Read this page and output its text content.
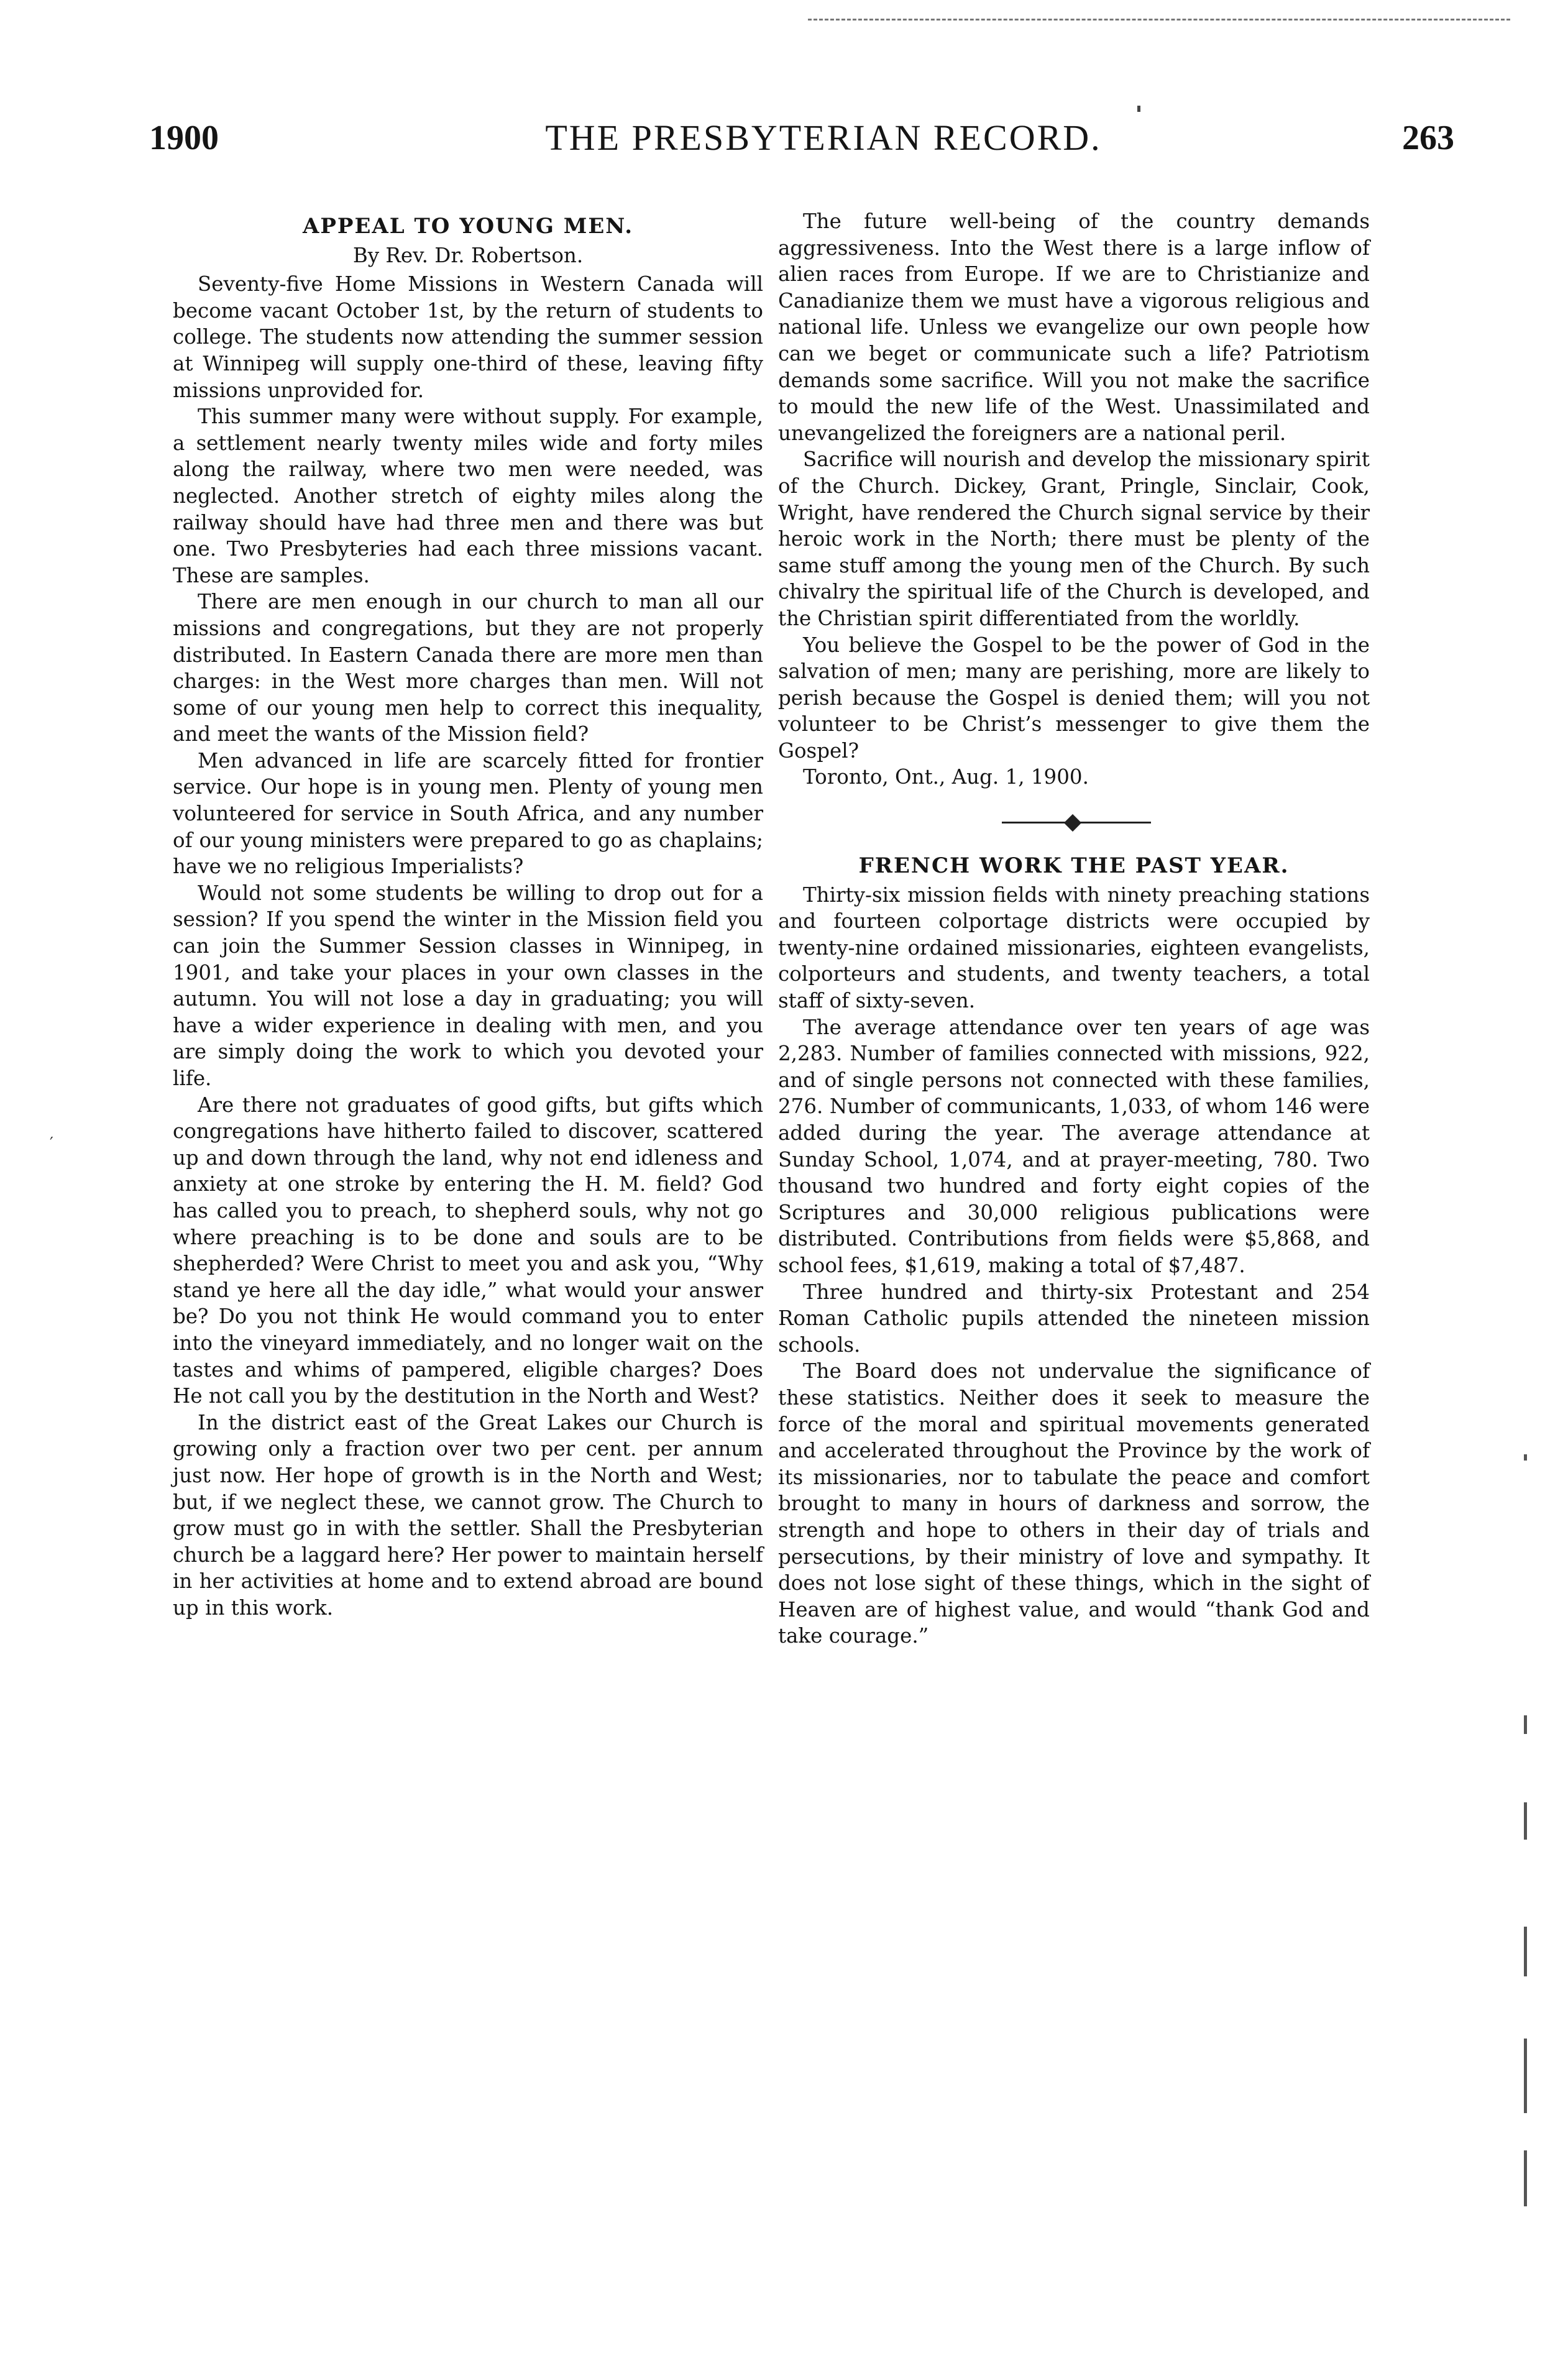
1900	THE PRESBYTERIAN RECORD.	263
′
APPEAL TO YOUNG MEN.
By Rev. Dr. Robertson.

Seventy-five Home Missions in Western Canada will become vacant October 1st, by the return of students to college. The students now attending the summer session at Winnipeg will supply one-third of these, leaving fifty missions unprovided for.

This summer many were without supply. For example, a settlement nearly twenty miles wide and forty miles along the railway, where two men were needed, was neglected. Another stretch of eighty miles along the railway should have had three men and there was but one. Two Presbyteries had each three missions vacant. These are samples.

There are men enough in our church to man all our missions and congregations, but they are not properly distributed. In Eastern Canada there are more men than charges: in the West more charges than men. Will not some of our young men help to correct this inequality, and meet the wants of the Mission field?

Men advanced in life are scarcely fitted for frontier service. Our hope is in young men. Plenty of young men volunteered for service in South Africa, and any number of our young ministers were prepared to go as chaplains; have we no religious Imperialists?

Would not some students be willing to drop out for a session? If you spend the winter in the Mission field you can join the Summer Session classes in Winnipeg, in 1901, and take your places in your own classes in the autumn. You will not lose a day in graduating; you will have a wider experience in dealing with men, and you are simply doing the work to which you devoted your life.

Are there not graduates of good gifts, but gifts which congregations have hitherto failed to discover, scattered up and down through the land, why not end idleness and anxiety at one stroke by entering the H. M. field? God has called you to preach, to shepherd souls, why not go where preaching is to be done and souls are to be shepherded? Were Christ to meet you and ask you, “Why stand ye here all the day idle,” what would your answer be? Do you not think He would command you to enter into the vineyard immediately, and no longer wait on the tastes and whims of pampered, eligible charges? Does He not call you by the destitution in the North and West?

In the district east of the Great Lakes our Church is growing only a fraction over two per cent. per annum just now. Her hope of growth is in the North and West; but, if we neglect these, we cannot grow. The Church to grow must go in with the settler. Shall the Presbyterian church be a laggard here? Her power to maintain herself in her activities at home and to extend abroad are bound up in this work.

The future well-being of the country demands aggressiveness. Into the West there is a large inflow of alien races from Europe. If we are to Christianize and Canadianize them we must have a vigorous religious and national life. Unless we evangelize our own people how can we beget or communicate such a life? Patriotism demands some sacrifice. Will you not make the sacrifice to mould the new life of the West. Unassimilated and unevangelized the foreigners are a national peril.

Sacrifice will nourish and develop the missionary spirit of the Church. Dickey, Grant, Pringle, Sinclair, Cook, Wright, have rendered the Church signal service by their heroic work in the North; there must be plenty of the same stuff among the young men of the Church. By such chivalry the spiritual life of the Church is developed, and the Christian spirit differentiated from the worldly.

You believe the Gospel to be the power of God in the salvation of men; many are perishing, more are likely to perish because the Gospel is denied them; will you not volunteer to be Christ’s messenger to give them the Gospel?

Toronto, Ont., Aug. 1, 1900.

FRENCH WORK THE PAST YEAR.

Thirty-six mission fields with ninety preaching stations and fourteen colportage districts were occupied by twenty-nine ordained missionaries, eighteen evangelists, colporteurs and students, and twenty teachers, a total staff of sixty-seven.

The average attendance over ten years of age was 2,283. Number of families connected with missions, 922, and of single persons not connected with these families, 276. Number of communicants, 1,033, of whom 146 were added during the year. The average attendance at Sunday School, 1,074, and at prayer-meeting, 780. Two thousand two hundred and forty eight copies of the Scriptures and 30,000 religious publications were distributed. Contributions from fields were $5,868, and school fees, $1,619, making a total of $7,487.

Three hundred and thirty-six Protestant and 254 Roman Catholic pupils attended the nineteen mission schools.

The Board does not undervalue the significance of these statistics. Neither does it seek to measure the force of the moral and spiritual movements generated and accelerated throughout the Province by the work of its missionaries, nor to tabulate the peace and comfort brought to many in hours of darkness and sorrow, the strength and hope to others in their day of trials and persecutions, by their ministry of love and sympathy. It does not lose sight of these things, which in the sight of Heaven are of highest value, and would “thank God and take courage.”
